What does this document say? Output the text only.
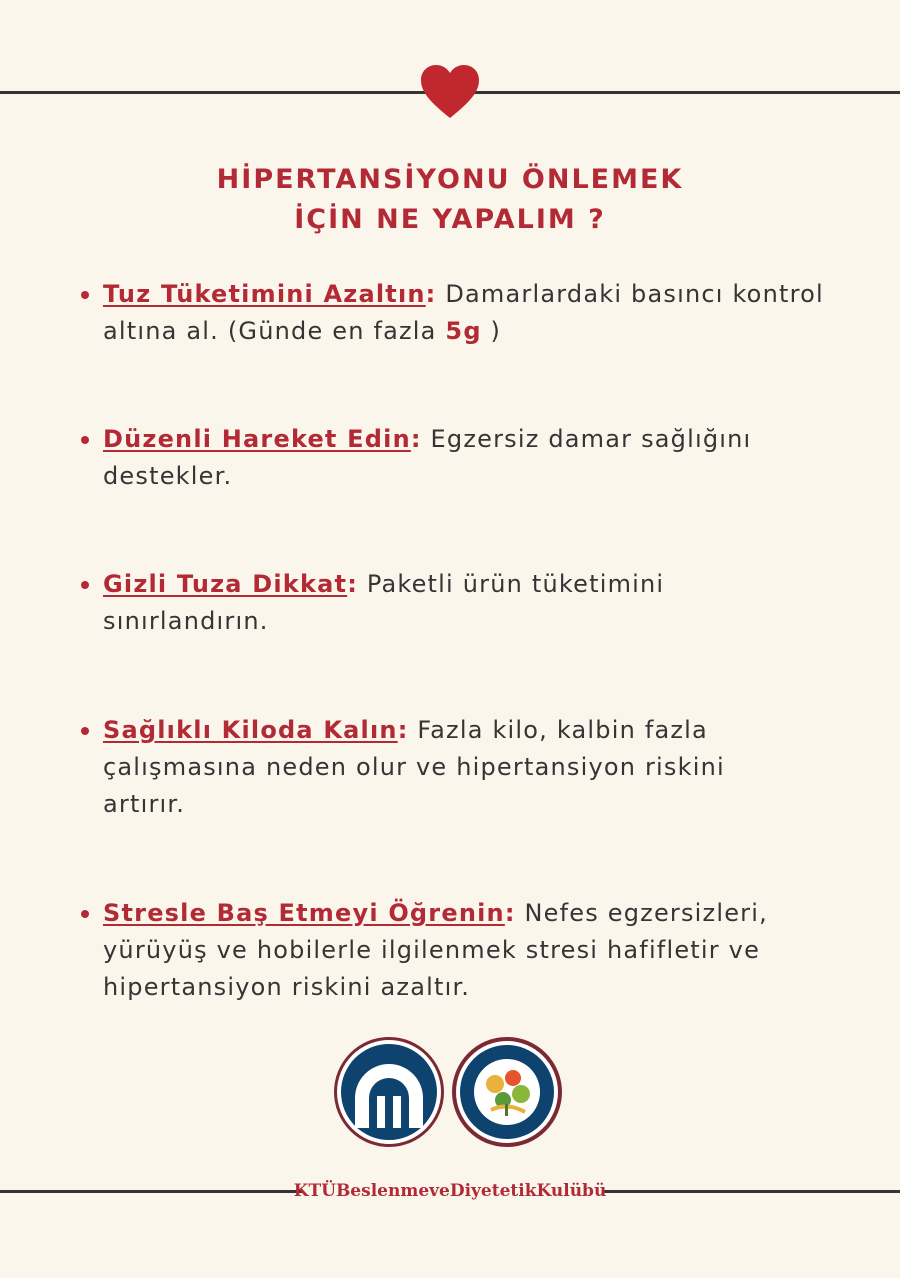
HİPERTANSİYONU ÖNLEMEK
İÇİN NE YAPALIM ?
Tuz Tüketimini Azaltın: Damarlardaki basıncı kontrol altına al. (Günde en fazla 5g )
Düzenli Hareket Edin: Egzersiz damar sağlığını destekler.
Gizli Tuza Dikkat: Paketli ürün tüketimini sınırlandırın.
Sağlıklı Kiloda Kalın: Fazla kilo, kalbin fazla çalışmasına neden olur ve hipertansiyon riskini artırır.
Stresle Baş Etmeyi Öğrenin: Nefes egzersizleri, yürüyüş ve hobilerle ilgilenmek stresi hafifletir ve hipertansiyon riskini azaltır.
KTÜBeslenmeveDiyetetikKulübü
